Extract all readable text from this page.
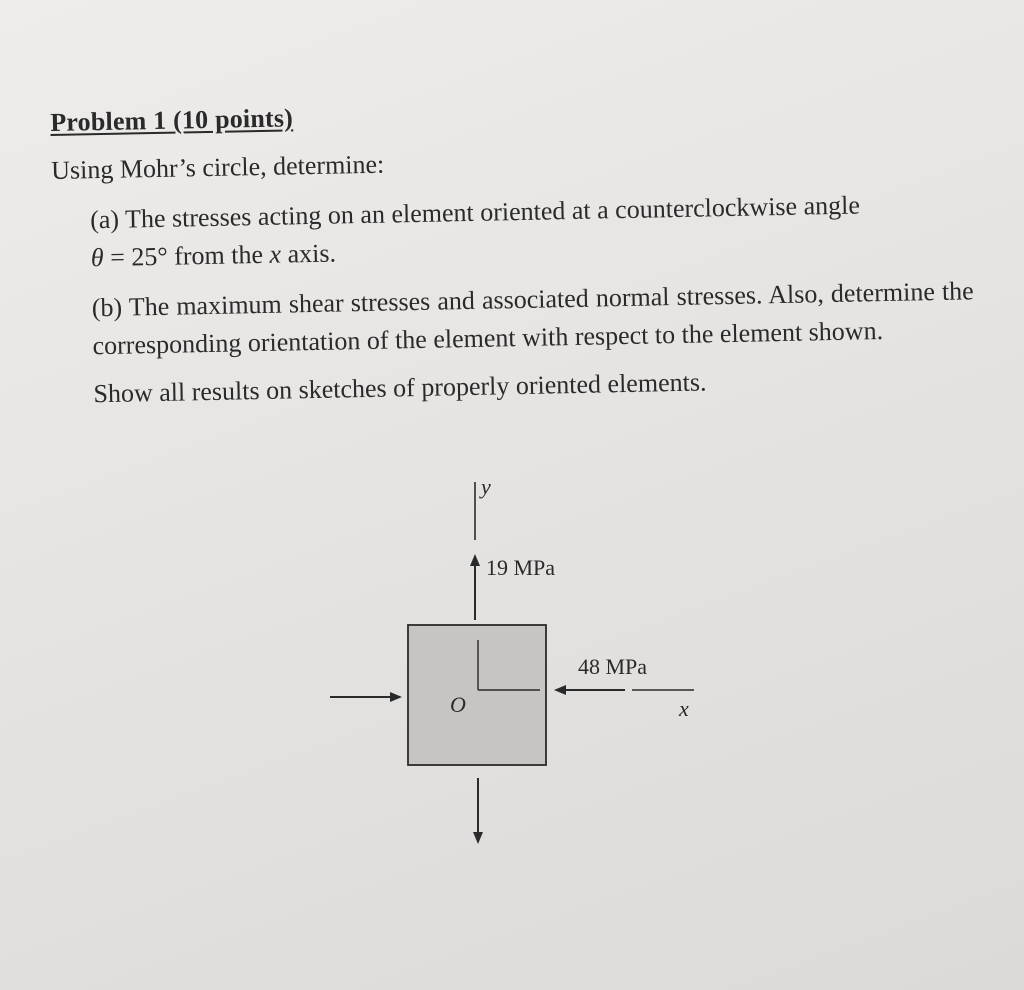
Problem 1 (10 points)
Using Mohr’s circle, determine:
(a) The stresses acting on an element oriented at a counterclockwise angle
θ = 25° from the x axis.
(b) The maximum shear stresses and associated normal stresses. Also, determine the corresponding orientation of the element with respect to the element shown.
Show all results on sketches of properly oriented elements.
y
19 MPa
48 MPa
O	x
